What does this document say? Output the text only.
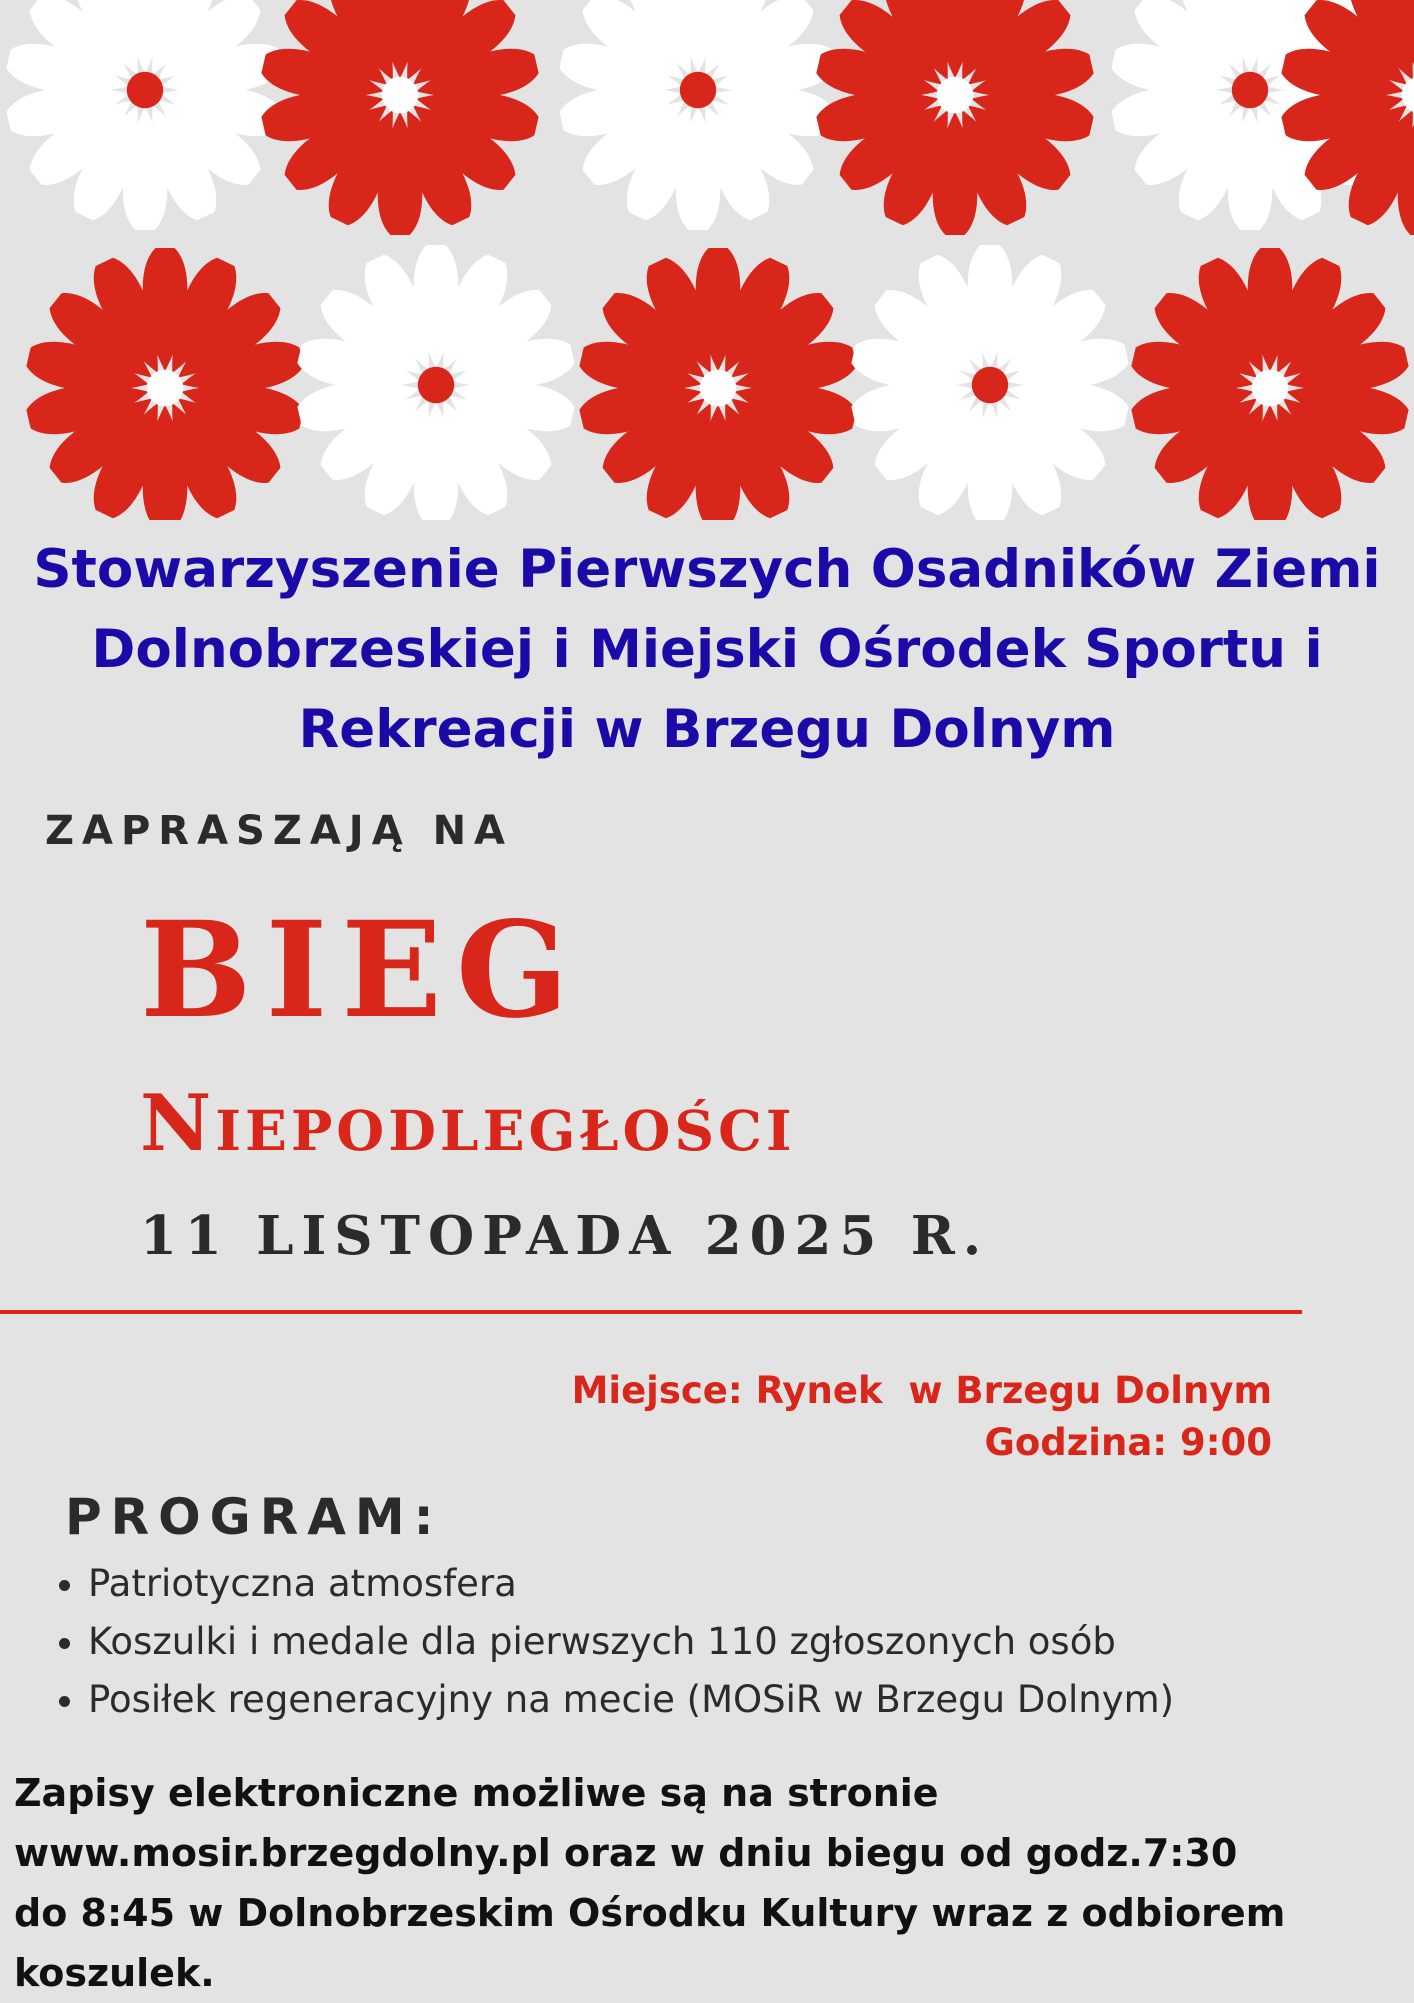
Stowarzyszenie Pierwszych Osadników Ziemi
Dolnobrzeskiej i Miejski Ośrodek Sportu i
Rekreacji w Brzegu Dolnym
ZAPRASZAJĄ NA
BIEG
Niepodległości
11 LISTOPADA 2025 R.
Miejsce: Rynek  w Brzegu Dolnym
Godzina: 9:00
PROGRAM:
• Patriotyczna atmosfera
• Koszulki i medale dla pierwszych 110 zgłoszonych osób
• Posiłek regeneracyjny na mecie (MOSiR w Brzegu Dolnym)
Zapisy elektroniczne możliwe są na stronie
www.mosir.brzegdolny.pl oraz w dniu biegu od godz.7:30
do 8:45 w Dolnobrzeskim Ośrodku Kultury wraz z odbiorem
koszulek.
